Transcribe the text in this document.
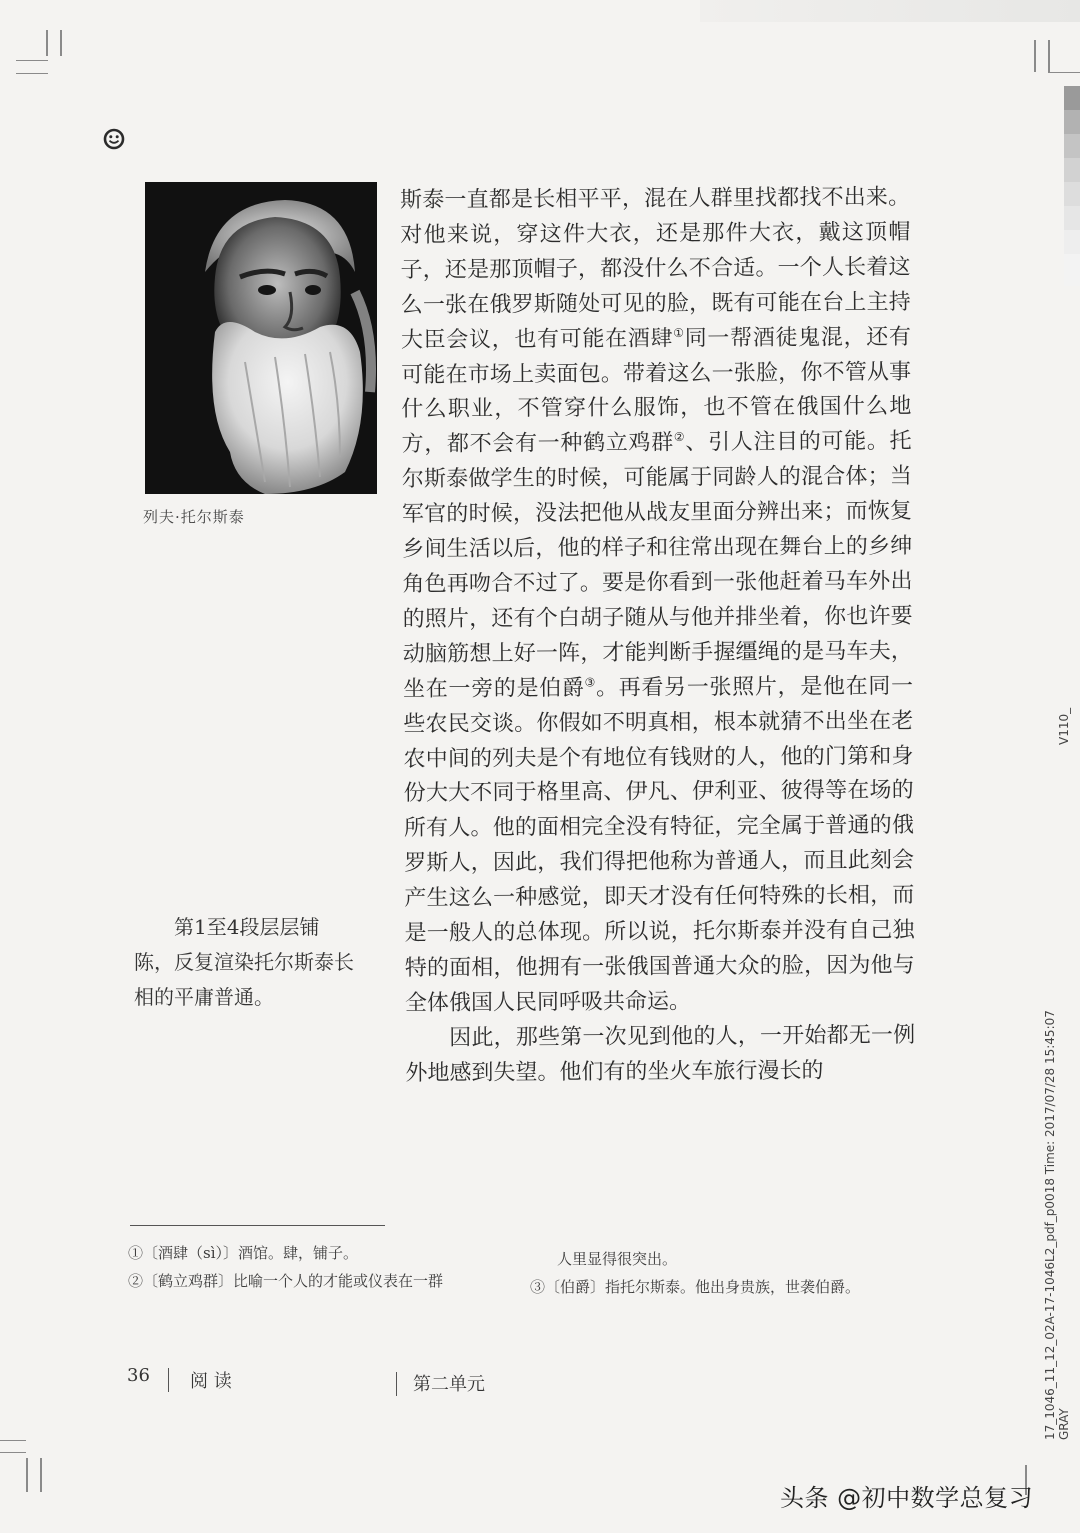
列夫·托尔斯泰

斯泰一直都是长相平平，混在人群里找都找不出来。对他来说，穿这件大衣，还是那件大衣，戴这顶帽子，还是那顶帽子，都没什么不合适。一个人长着这么一张在俄罗斯随处可见的脸，既有可能在台上主持大臣会议，也有可能在酒肆①同一帮酒徒鬼混，还有可能在市场上卖面包。带着这么一张脸，你不管从事什么职业，不管穿什么服饰，也不管在俄国什么地方，都不会有一种鹤立鸡群②、引人注目的可能。托尔斯泰做学生的时候，可能属于同龄人的混合体；当军官的时候，没法把他从战友里面分辨出来；而恢复乡间生活以后，他的样子和往常出现在舞台上的乡绅角色再吻合不过了。要是你看到一张他赶着马车外出的照片，还有个白胡子随从与他并排坐着，你也许要动脑筋想上好一阵，才能判断手握缰绳的是马车夫，坐在一旁的是伯爵③。再看另一张照片，是他在同一些农民交谈。你假如不明真相，根本就猜不出坐在老农中间的列夫是个有地位有钱财的人，他的门第和身份大大不同于格里高、伊凡、伊利亚、彼得等在场的所有人。他的面相完全没有特征，完全属于普通的俄罗斯人，因此，我们得把他称为普通人，而且此刻会产生这么一种感觉，即天才没有任何特殊的长相，而是一般人的总体现。所以说，托尔斯泰并没有自己独特的面相，他拥有一张俄国普通大众的脸，因为他与全体俄国人民同呼吸共命运。

因此，那些第一次见到他的人，一开始都无一例外地感到失望。他们有的坐火车旅行漫长的

第1至4段层层铺陈，反复渲染托尔斯泰长相的平庸普通。
①〔酒肆（sì）〕酒馆。肆，铺子。
②〔鹤立鸡群〕比喻一个人的才能或仪表在一群
人里显得很突出。
③〔伯爵〕指托尔斯泰。他出身贵族，世袭伯爵。
36 阅 读	第二单元
V110_
17_1046_11_12_02A-17-1046L2_pdf_p0018 Time: 2017/07/28 15:45:07 GRAY
头条 @初中数学总复习
